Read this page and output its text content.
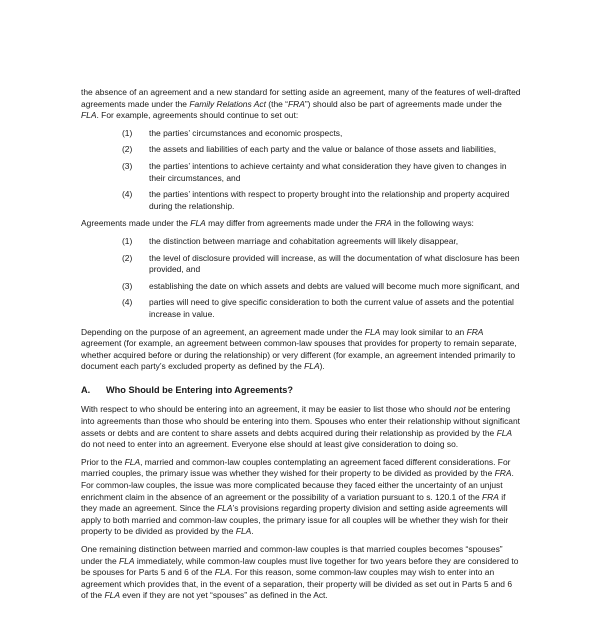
the absence of an agreement and a new standard for setting aside an agreement, many of the features of well-drafted agreements made under the Family Relations Act (the “FRA”) should also be part of agreements made under the FLA. For example, agreements should continue to set out:

(1)	the parties’ circumstances and economic prospects,
(2)	the assets and liabilities of each party and the value or balance of those assets and liabilities,
(3)	the parties’ intentions to achieve certainty and what consideration they have given to changes in their circumstances, and
(4)	the parties’ intentions with respect to property brought into the relationship and property acquired during the relationship.

Agreements made under the FLA may differ from agreements made under the FRA in the following ways:

(1)	the distinction between marriage and cohabitation agreements will likely disappear,
(2)	the level of disclosure provided will increase, as will the documentation of what disclosure has been provided, and
(3)	establishing the date on which assets and debts are valued will become much more significant, and
(4)	parties will need to give specific consideration to both the current value of assets and the potential increase in value.

Depending on the purpose of an agreement, an agreement made under the FLA may look similar to an FRA agreement (for example, an agreement between common-law spouses that provides for property to remain separate, whether acquired before or during the relationship) or very different (for example, an agreement intended primarily to document each party’s excluded property as defined by the FLA).

A.	Who Should be Entering into Agreements?

With respect to who should be entering into an agreement, it may be easier to list those who should not be entering into agreements than those who should be entering into them. Spouses who enter their relationship without significant assets or debts and are content to share assets and debts acquired during their relationship as provided by the FLA do not need to enter into an agreement. Everyone else should at least give consideration to doing so.

Prior to the FLA, married and common-law couples contemplating an agreement faced different considerations. For married couples, the primary issue was whether they wished for their property to be divided as provided by the FRA. For common-law couples, the issue was more complicated because they faced either the uncertainty of an unjust enrichment claim in the absence of an agreement or the possibility of a variation pursuant to s. 120.1 of the FRA if they made an agreement. Since the FLA’s provisions regarding property division and setting aside agreements will apply to both married and common-law couples, the primary issue for all couples will be whether they wish for their property to be divided as provided by the FLA.

One remaining distinction between married and common-law couples is that married couples becomes “spouses” under the FLA immediately, while common-law couples must live together for two years before they are considered to be spouses for Parts 5 and 6 of the FLA. For this reason, some common-law couples may wish to enter into an agreement which provides that, in the event of a separation, their property will be divided as set out in Parts 5 and 6 of the FLA even if they are not yet “spouses” as defined in the Act.
